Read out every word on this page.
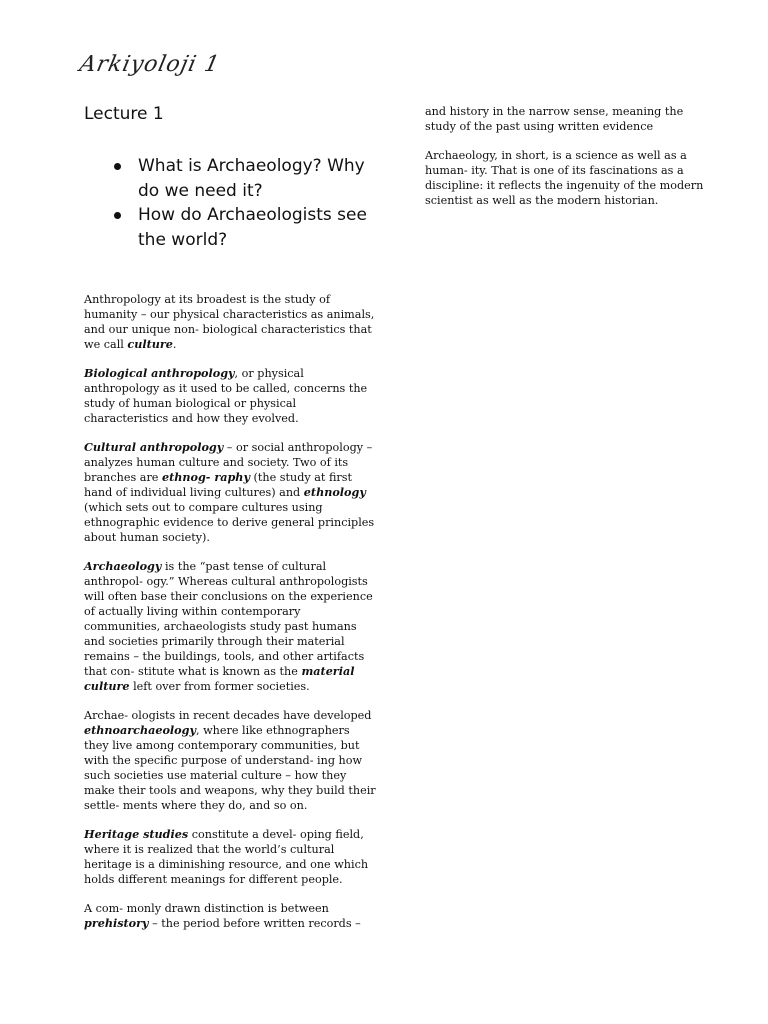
Arkiyoloji 1
Lecture 1
What is Archaeology? Why do we need it?
How do Archaeologists see the world?

Anthropology at its broadest is the study of humanity – our physical characteristics as animals, and our unique non- biological characteristics that we call culture.

Biological anthropology, or physical anthropology as it used to be called, concerns the study of human biological or physical characteristics and how they evolved.

Cultural anthropology – or social anthropology – analyzes human culture and society. Two of its branches are ethnog- raphy (the study at first hand of individual living cultures) and ethnology (which sets out to compare cultures using ethnographic evidence to derive general principles about human society).

Archaeology is the “past tense of cultural anthropol- ogy.” Whereas cultural anthropologists will often base their conclusions on the experience of actually living within contemporary communities, archaeologists study past humans and societies primarily through their material remains – the buildings, tools, and other artifacts that con- stitute what is known as the material culture left over from former societies.

Archae- ologists in recent decades have developed ethnoarchaeology, where like ethnographers they live among contemporary communities, but with the specific purpose of understand- ing how such societies use material culture – how they make their tools and weapons, why they build their settle- ments where they do, and so on.

Heritage studies constitute a devel- oping field, where it is realized that the world’s cultural heritage is a diminishing resource, and one which holds different meanings for different people.

A com- monly drawn distinction is between prehistory – the period before written records –

and history in the narrow sense, meaning the study of the past using written evidence

Archaeology, in short, is a science as well as a human- ity. That is one of its fascinations as a discipline: it reflects the ingenuity of the modern scientist as well as the modern historian.
